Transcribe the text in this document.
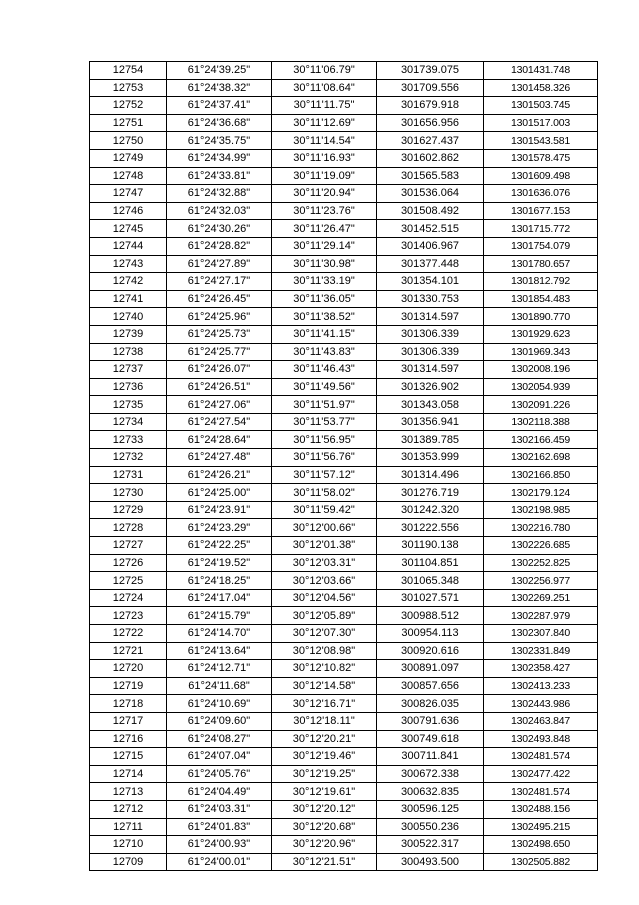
12754	61°24'39.25"	30°11'06.79"	301739.075	1301431.748
12753	61°24'38.32"	30°11'08.64"	301709.556	1301458.326
12752	61°24'37.41"	30°11'11.75"	301679.918	1301503.745
12751	61°24'36.68"	30°11'12.69"	301656.956	1301517.003
12750	61°24'35.75"	30°11'14.54"	301627.437	1301543.581
12749	61°24'34.99"	30°11'16.93"	301602.862	1301578.475
12748	61°24'33.81"	30°11'19.09"	301565.583	1301609.498
12747	61°24'32.88"	30°11'20.94"	301536.064	1301636.076
12746	61°24'32.03"	30°11'23.76"	301508.492	1301677.153
12745	61°24'30.26"	30°11'26.47"	301452.515	1301715.772
12744	61°24'28.82"	30°11'29.14"	301406.967	1301754.079
12743	61°24'27.89"	30°11'30.98"	301377.448	1301780.657
12742	61°24'27.17"	30°11'33.19"	301354.101	1301812.792
12741	61°24'26.45"	30°11'36.05"	301330.753	1301854.483
12740	61°24'25.96"	30°11'38.52"	301314.597	1301890.770
12739	61°24'25.73"	30°11'41.15"	301306.339	1301929.623
12738	61°24'25.77"	30°11'43.83"	301306.339	1301969.343
12737	61°24'26.07"	30°11'46.43"	301314.597	1302008.196
12736	61°24'26.51"	30°11'49.56"	301326.902	1302054.939
12735	61°24'27.06"	30°11'51.97"	301343.058	1302091.226
12734	61°24'27.54"	30°11'53.77"	301356.941	1302118.388
12733	61°24'28.64"	30°11'56.95"	301389.785	1302166.459
12732	61°24'27.48"	30°11'56.76"	301353.999	1302162.698
12731	61°24'26.21"	30°11'57.12"	301314.496	1302166.850
12730	61°24'25.00"	30°11'58.02"	301276.719	1302179.124
12729	61°24'23.91"	30°11'59.42"	301242.320	1302198.985
12728	61°24'23.29"	30°12'00.66"	301222.556	1302216.780
12727	61°24'22.25"	30°12'01.38"	301190.138	1302226.685
12726	61°24'19.52"	30°12'03.31"	301104.851	1302252.825
12725	61°24'18.25"	30°12'03.66"	301065.348	1302256.977
12724	61°24'17.04"	30°12'04.56"	301027.571	1302269.251
12723	61°24'15.79"	30°12'05.89"	300988.512	1302287.979
12722	61°24'14.70"	30°12'07.30"	300954.113	1302307.840
12721	61°24'13.64"	30°12'08.98"	300920.616	1302331.849
12720	61°24'12.71"	30°12'10.82"	300891.097	1302358.427
12719	61°24'11.68"	30°12'14.58"	300857.656	1302413.233
12718	61°24'10.69"	30°12'16.71"	300826.035	1302443.986
12717	61°24'09.60"	30°12'18.11"	300791.636	1302463.847
12716	61°24'08.27"	30°12'20.21"	300749.618	1302493.848
12715	61°24'07.04"	30°12'19.46"	300711.841	1302481.574
12714	61°24'05.76"	30°12'19.25"	300672.338	1302477.422
12713	61°24'04.49"	30°12'19.61"	300632.835	1302481.574
12712	61°24'03.31"	30°12'20.12"	300596.125	1302488.156
12711	61°24'01.83"	30°12'20.68"	300550.236	1302495.215
12710	61°24'00.93"	30°12'20.96"	300522.317	1302498.650
12709	61°24'00.01"	30°12'21.51"	300493.500	1302505.882
